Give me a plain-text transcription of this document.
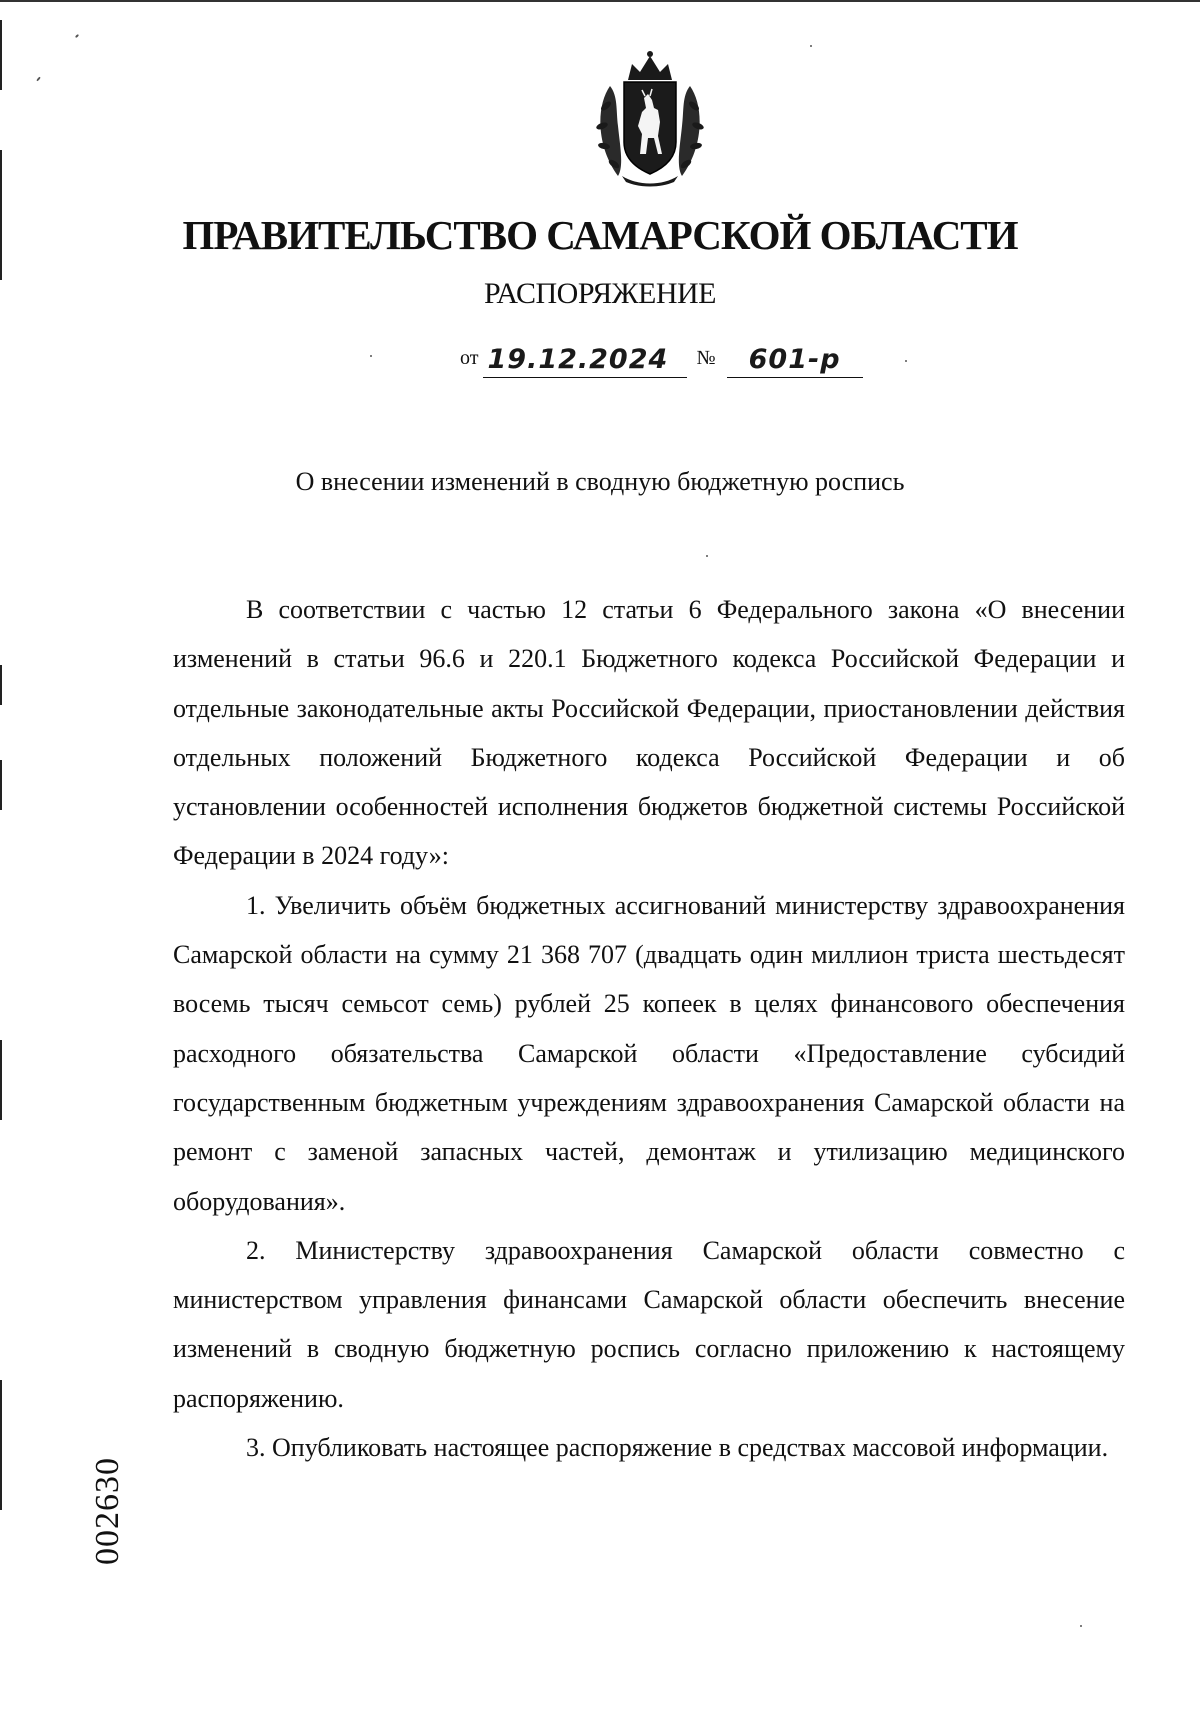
ПРАВИТЕЛЬСТВО САМАРСКОЙ ОБЛАСТИ
РАСПОРЯЖЕНИЕ
от 19.12.2024 № 601-р
О внесении изменений в сводную бюджетную роспись

В соответствии с частью 12 статьи 6 Федерального закона «О внесении изменений в статьи 96.6 и 220.1 Бюджетного кодекса Российской Федерации и отдельные законодательные акты Российской Федерации, приостановлении действия отдельных положений Бюджетного кодекса Российской Федерации и об установлении особенностей исполнения бюджетов бюджетной системы Российской Федерации в 2024 году»:

1. Увеличить объём бюджетных ассигнований министерству здравоохранения Самарской области на сумму 21 368 707 (двадцать один миллион триста шестьдесят восемь тысяч семьсот семь) рублей 25 копеек в целях финансового обеспечения расходного обязательства Самарской области «Предоставление субсидий государственным бюджетным учреждениям здравоохранения Самарской области на ремонт с заменой запасных частей, демонтаж и утилизацию медицинского оборудования».

2. Министерству здравоохранения Самарской области совместно с министерством управления финансами Самарской области обеспечить внесение изменений в сводную бюджетную роспись согласно приложению к настоящему распоряжению.

3. Опубликовать настоящее распоряжение в средствах массовой информации.

002630
